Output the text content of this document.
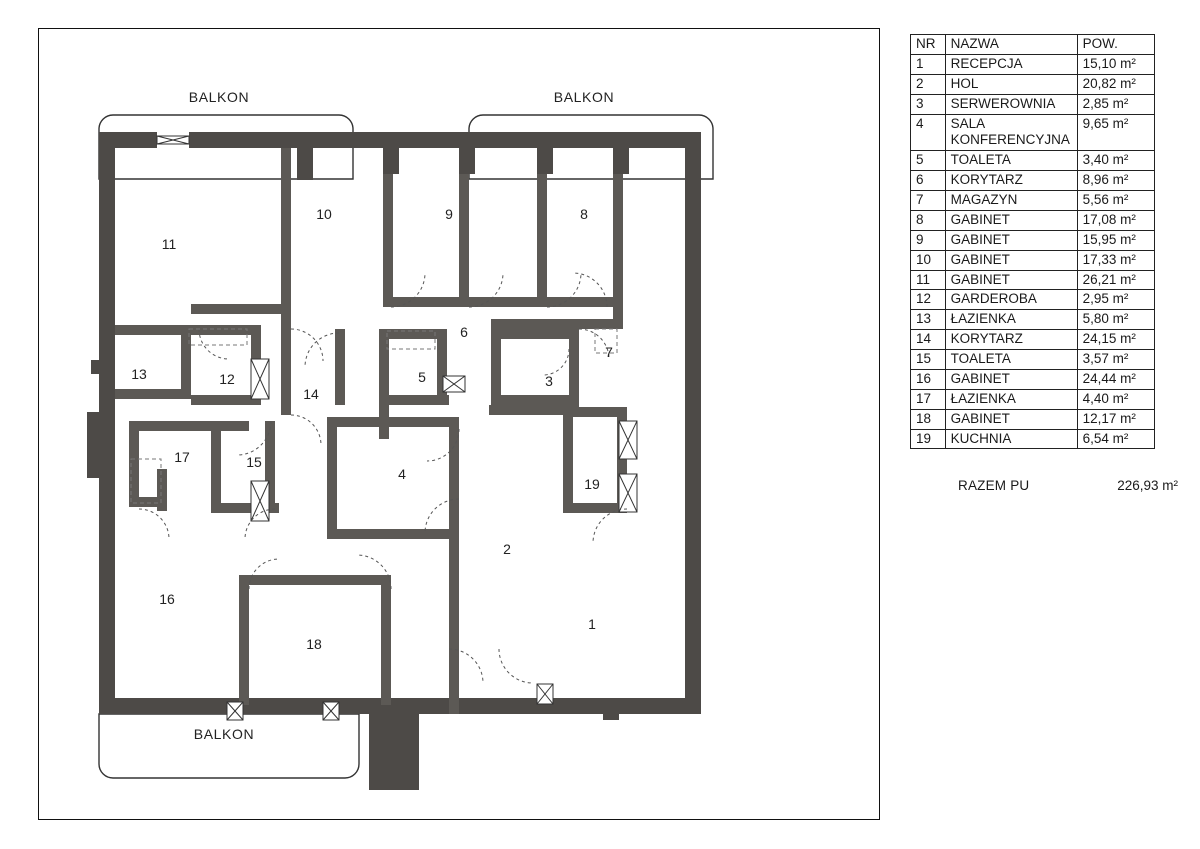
BALKON	BALKON
BALKON
11
10	9	8
6
7
13	12
14
5	3
17	15
4
19
2
16
18
1
NR	NAZWA	POW.
1	RECEPCJA	15,10 m²
2	HOL	20,82 m²
3	SERWEROWNIA	2,85 m²
4	SALA KONFERENCYJNA	9,65 m²
5	TOALETA	3,40 m²
6	KORYTARZ	8,96 m²
7	MAGAZYN	5,56 m²
8	GABINET	17,08 m²
9	GABINET	15,95 m²
10	GABINET	17,33 m²
11	GABINET	26,21 m²
12	GARDEROBA	2,95 m²
13	ŁAZIENKA	5,80 m²
14	KORYTARZ	24,15 m²
15	TOALETA	3,57 m²
16	GABINET	24,44 m²
17	ŁAZIENKA	4,40 m²
18	GABINET	12,17 m²
19	KUCHNIA	6,54 m²
RAZEM PU	226,93 m²
